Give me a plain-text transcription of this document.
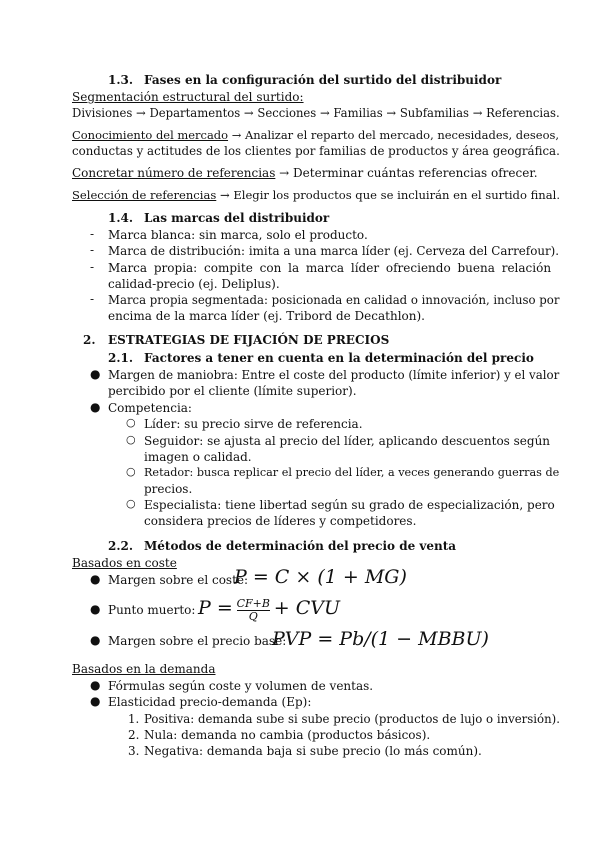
1.3. Fases en la configuración del surtido del distribuidor
Segmentación estructural del surtido:
Divisiones → Departamentos → Secciones → Familias → Subfamilias → Referencias.
Conocimiento del mercado → Analizar el reparto del mercado, necesidades, deseos,
conductas y actitudes de los clientes por familias de productos y área geográfica.
Concretar número de referencias → Determinar cuántas referencias ofrecer.
Selección de referencias → Elegir los productos que se incluirán en el surtido final.
1.4. Las marcas del distribuidor
- Marca blanca: sin marca, solo el producto.
- Marca de distribución: imita a una marca líder (ej. Cerveza del Carrefour).
- Marca propia: compite con la marca líder ofreciendo buena relación
calidad-precio (ej. Deliplus).
- Marca propia segmentada: posicionada en calidad o innovación, incluso por
encima de la marca líder (ej. Tribord de Decathlon).
2. ESTRATEGIAS DE FIJACIÓN DE PRECIOS
2.1. Factores a tener en cuenta en la determinación del precio
● Margen de maniobra: Entre el coste del producto (límite inferior) y el valor
percibido por el cliente (límite superior).
● Competencia:
○ Líder: su precio sirve de referencia.
○ Seguidor: se ajusta al precio del líder, aplicando descuentos según
imagen o calidad.
○ Retador: busca replicar el precio del líder, a veces generando guerras de
precios.
○ Especialista: tiene libertad según su grado de especialización, pero
considera precios de líderes y competidores.
2.2. Métodos de determinación del precio de venta
Basados en coste
● Margen sobre el coste:
P = C × (1 + MG)
● Punto muerto: $P = \frac{CF+B}{Q}$ + CVU
● Margen sobre el precio base:
PVP = Pb/(1 − MBBU)
Basados en la demanda
● Fórmulas según coste y volumen de ventas.
● Elasticidad precio-demanda (Ep):
1. Positiva: demanda sube si sube precio (productos de lujo o inversión).
2. Nula: demanda no cambia (productos básicos).
3. Negativa: demanda baja si sube precio (lo más común).
